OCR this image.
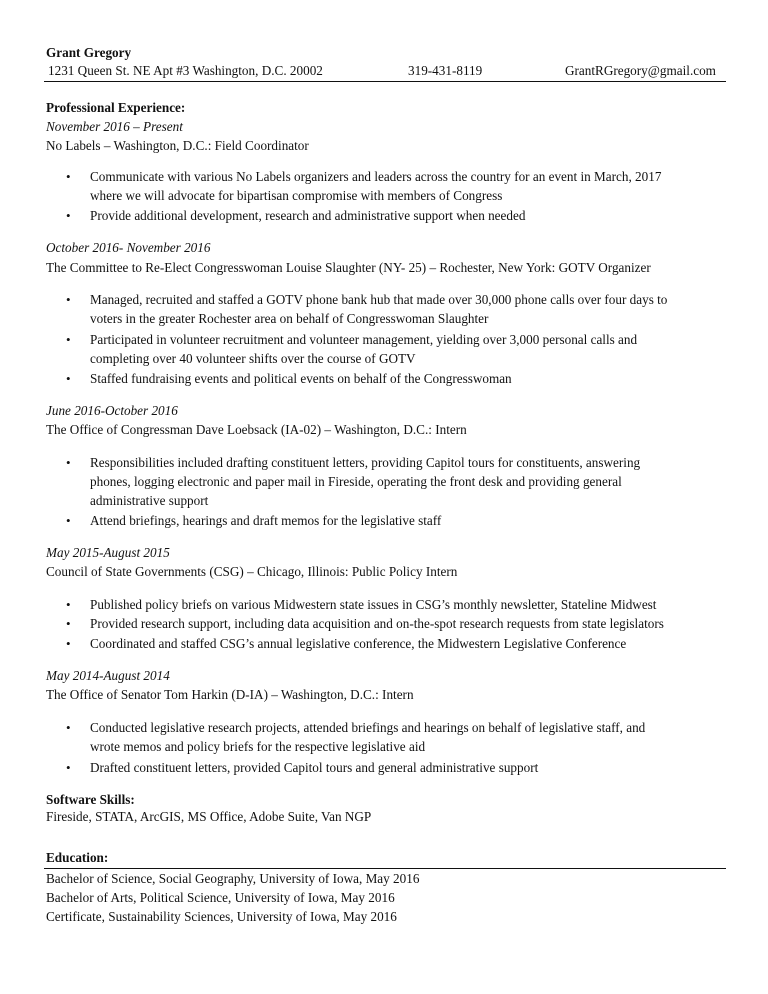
Grant Gregory
1231 Queen St. NE Apt #3 Washington, D.C. 20002	319-431-8119	GrantRGregory@gmail.com
Professional Experience:
November 2016 – Present
No Labels – Washington, D.C.: Field Coordinator
• Communicate with various No Labels organizers and leaders across the country for an event in March, 2017
where we will advocate for bipartisan compromise with members of Congress
• Provide additional development, research and administrative support when needed
October 2016- November 2016
The Committee to Re-Elect Congresswoman Louise Slaughter (NY- 25) – Rochester, New York: GOTV Organizer
• Managed, recruited and staffed a GOTV phone bank hub that made over 30,000 phone calls over four days to
voters in the greater Rochester area on behalf of Congresswoman Slaughter
• Participated in volunteer recruitment and volunteer management, yielding over 3,000 personal calls and
completing over 40 volunteer shifts over the course of GOTV
• Staffed fundraising events and political events on behalf of the Congresswoman
June 2016-October 2016
The Office of Congressman Dave Loebsack (IA-02) – Washington, D.C.: Intern
• Responsibilities included drafting constituent letters, providing Capitol tours for constituents, answering
phones, logging electronic and paper mail in Fireside, operating the front desk and providing general
administrative support
• Attend briefings, hearings and draft memos for the legislative staff
May 2015-August 2015
Council of State Governments (CSG) – Chicago, Illinois: Public Policy Intern
• Published policy briefs on various Midwestern state issues in CSG’s monthly newsletter, Stateline Midwest
• Provided research support, including data acquisition and on-the-spot research requests from state legislators
• Coordinated and staffed CSG’s annual legislative conference, the Midwestern Legislative Conference
May 2014-August 2014
The Office of Senator Tom Harkin (D-IA) – Washington, D.C.: Intern
• Conducted legislative research projects, attended briefings and hearings on behalf of legislative staff, and
wrote memos and policy briefs for the respective legislative aid
• Drafted constituent letters, provided Capitol tours and general administrative support
Software Skills:
Fireside, STATA, ArcGIS, MS Office, Adobe Suite, Van NGP
Education:
Bachelor of Science, Social Geography, University of Iowa, May 2016
Bachelor of Arts, Political Science, University of Iowa, May 2016
Certificate, Sustainability Sciences, University of Iowa, May 2016
